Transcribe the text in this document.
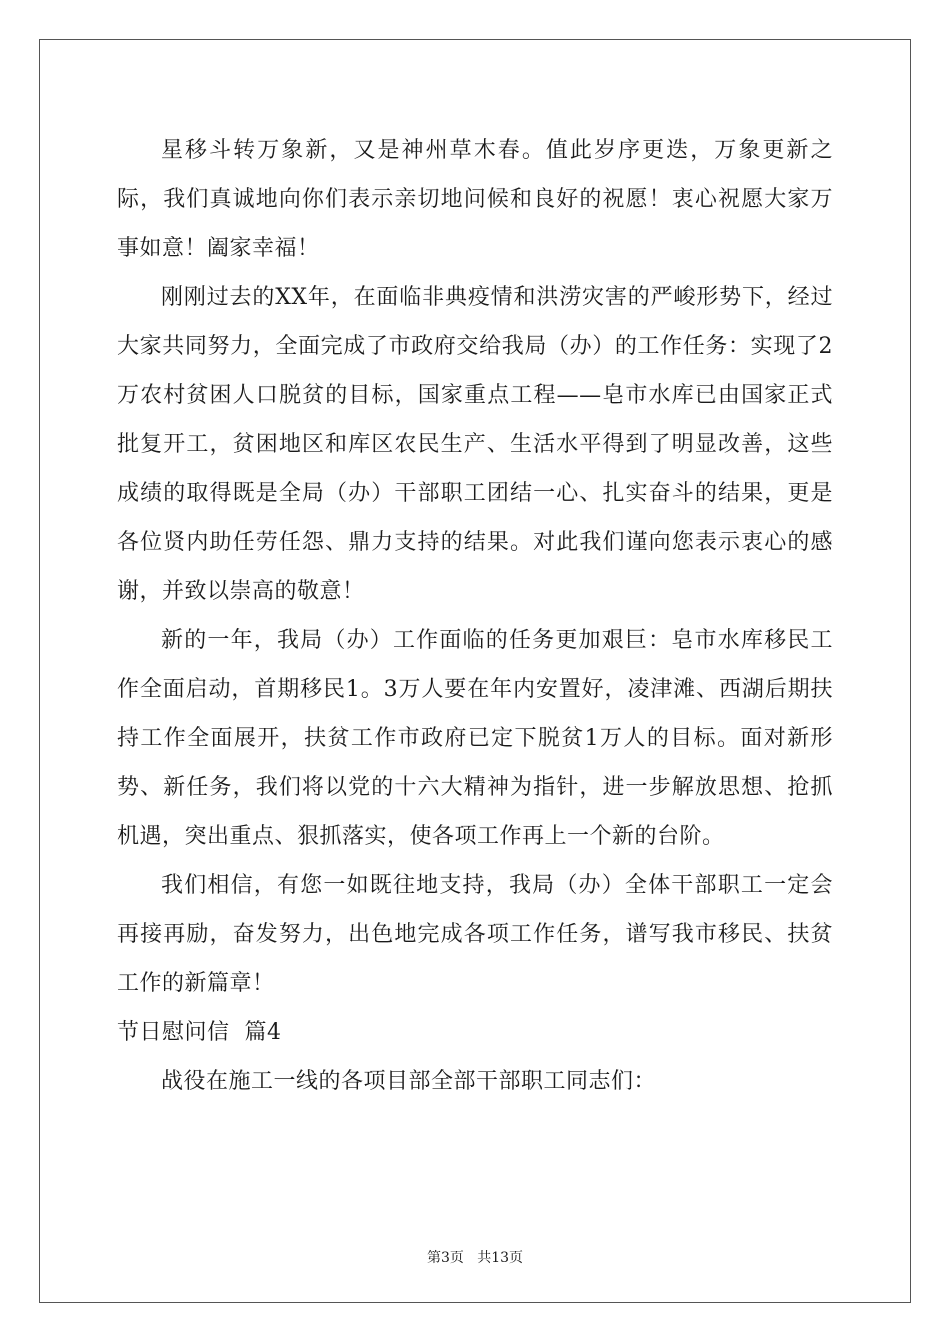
星移斗转万象新，又是神州草木春。值此岁序更迭，万象更新之际，我们真诚地向你们表示亲切地问候和良好的祝愿！衷心祝愿大家万事如意！阖家幸福！

刚刚过去的XX年，在面临非典疫情和洪涝灾害的严峻形势下，经过大家共同努力，全面完成了市政府交给我局（办）的工作任务：实现了2万农村贫困人口脱贫的目标，国家重点工程——皂市水库已由国家正式批复开工，贫困地区和库区农民生产、生活水平得到了明显改善，这些成绩的取得既是全局（办）干部职工团结一心、扎实奋斗的结果，更是各位贤内助任劳任怨、鼎力支持的结果。对此我们谨向您表示衷心的感谢，并致以崇高的敬意！

新的一年，我局（办）工作面临的任务更加艰巨：皂市水库移民工作全面启动，首期移民1。3万人要在年内安置好，凌津滩、西湖后期扶持工作全面展开，扶贫工作市政府已定下脱贫1万人的目标。面对新形势、新任务，我们将以党的十六大精神为指针，进一步解放思想、抢抓机遇，突出重点、狠抓落实，使各项工作再上一个新的台阶。

我们相信，有您一如既往地支持，我局（办）全体干部职工一定会再接再励，奋发努力，出色地完成各项工作任务，谱写我市移民、扶贫工作的新篇章！

节日慰问信  篇4

战役在施工一线的各项目部全部干部职工同志们：

第3页   共13页
